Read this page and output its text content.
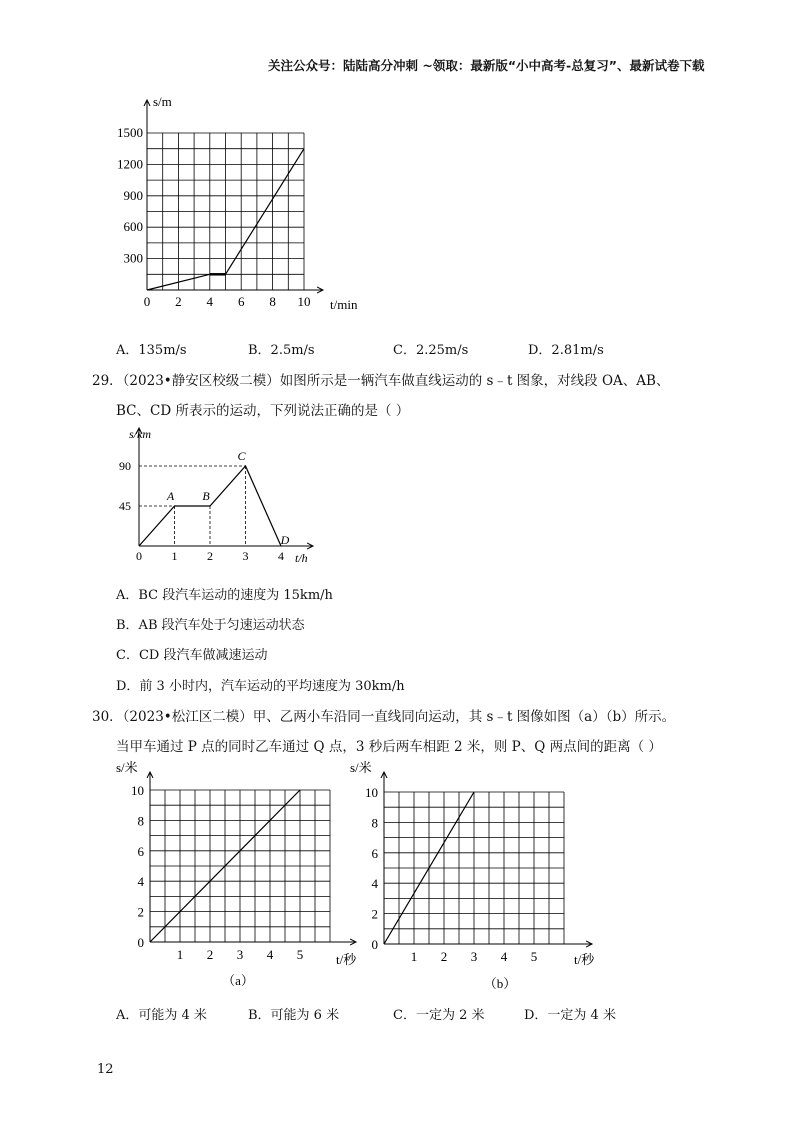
关注公众号：陆陆高分冲刺 ~领取：最新版“小中高考-总复习”、最新试卷下载
s/m
t/min
1500
1200
900
600
300
0 2 4 6 8 10
A．135m/s	B．2.5m/s	C．2.25m/s	D．2.81m/s
29．（2023•静安区校级二模）如图所示是一辆汽车做直线运动的 s﹣t 图象，对线段 OA、AB、
BC、CD 所表示的运动，下列说法正确的是（ ）
s/km
t/h
90
45
0 1 2 3 4
A B
C
D
A．BC 段汽车运动的速度为 15km/h
B．AB 段汽车处于匀速运动状态
C．CD 段汽车做减速运动
D．前 3 小时内，汽车运动的平均速度为 30km/h
30．（2023•松江区二模）甲、乙两小车沿同一直线同向运动，其 s﹣t 图像如图（a）（b）所示。
当甲车通过 P 点的同时乙车通过 Q 点，3 秒后两车相距 2 米，则 P、Q 两点间的距离（ ）
s/米
t/秒
10
8
6
4
2
0
1 2 3 4 5
（a）
s/米
t/秒
10
8
6
4
2
0
1 2 3 4 5
（b）
A．可能为 4 米	B．可能为 6 米	C．一定为 2 米	D．一定为 4 米
12
